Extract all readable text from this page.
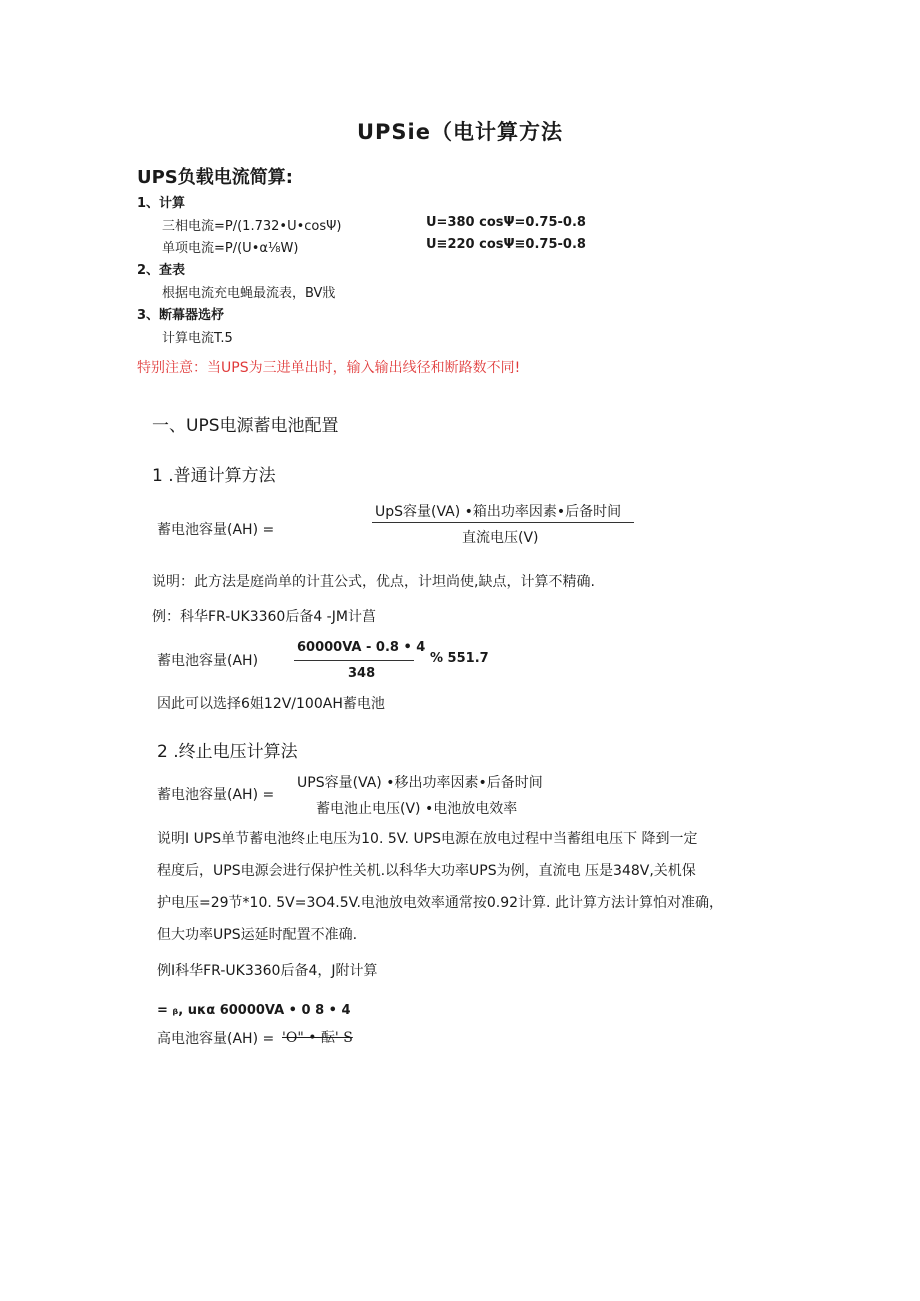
UPSie（电计算方法
UPS负载电流简算:
1、计算
三相电流=P/(1.732•U•cosΨ)	U=380 cosΨ=0.75-0.8
单项电流=P/(U•α⅛W)	U≡220 cosΨ≡0.75-0.8
2、查表
根据电流充电蝇最流表，BV戕
3、断幕器选杼
计算电流T.5
特别注意：当UPS为三进单出时，输入输出线径和断路数不同!
一、UPS电源蓄电池配置
1 .普通计算方法
蓄电池容量(AH) =
UpS容量(VA) •箱出功率因素•后备时间
直流电压(V)
说明：此方法是庭尚单的计苴公式，优点，计坦尚使,缺点，计算不精确.
例：科华FR-UK3360后备4 -JM计菖
蓄电池容量(AH)
60000VA - 0.8 • 4
348
% 551.7
因此可以选择6姐12V/100AH蓄电池
2 .终止电压计算法
蓄电池容量(AH) =
UPS容量(VA) •移出功率因素•后备时间
蓄电池止电压(V) •电池放电效率
说明I UPS单节蓄电池终止电压为10. 5V. UPS电源在放电过程中当蓄组电压下 降到一定
程度后，UPS电源会进行保护性关机.以科华大功率UPS为例，直流电 压是348V,关机保
护电压=29节*10. 5V=3O4.5V.电池放电效率通常按0.92计算. 此计算方法计算怕对准确，
但大功率UPS运延时配置不准确.
例I科华FR-UK3360后备4，J附计算
= ᵦ, uκα 60000VA • 0 8 • 4
高电池容量(AH) = 'O" • 酝' S
